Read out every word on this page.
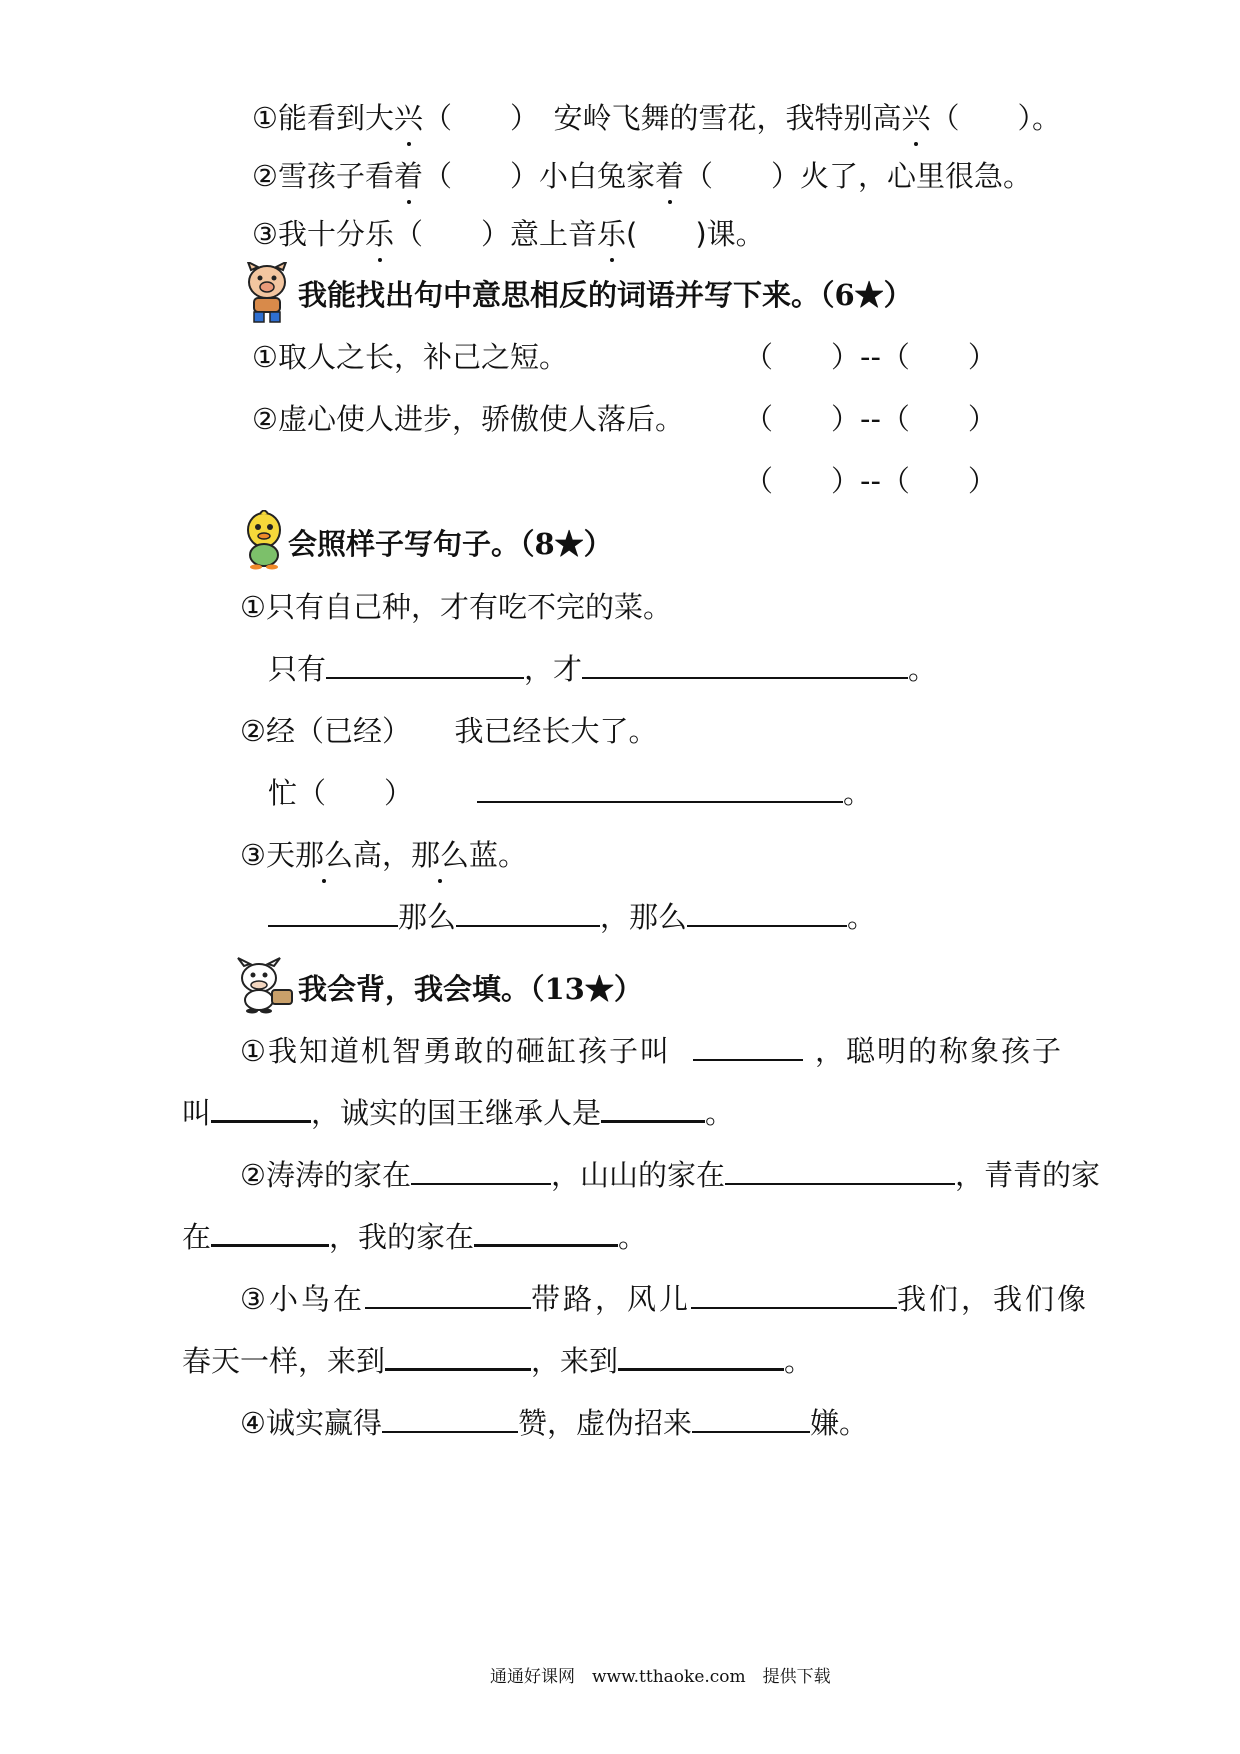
①能看到大兴（　　）　安岭飞舞的雪花，我特别高兴（　　）。
②雪孩子看着（　　）小白兔家着（　　）火了，心里很急。
③我十分乐（　　）意上音乐(　　)课。
我能找出句中意思相反的词语并写下来。（6★）
①取人之长，补己之短。	（　　）--（　　）
②虚心使人进步，骄傲使人落后。 （　　）--（　　）
（　　）--（　　）
会照样子写句子。（8★）
①只有自己种，才有吃不完的菜。
只有	，才	。
②经（已经）　　我已经长大了。
忙（　　）	。
③天那么高，那么蓝。
那么	，那么	。
我会背，我会填。（13★）
①我知道机智勇敢的砸缸孩子叫	，聪明的称象孩子
叫	，诚实的国王继承人是	。
②涛涛的家在	，山山的家在	，青青的家
在	，我的家在	。
③小鸟在	带路，风儿	我们，我们像
春天一样，来到	，来到	。
④诚实赢得	赞，虚伪招来	嫌。
通通好课网　www.tthaoke.com　提供下载
